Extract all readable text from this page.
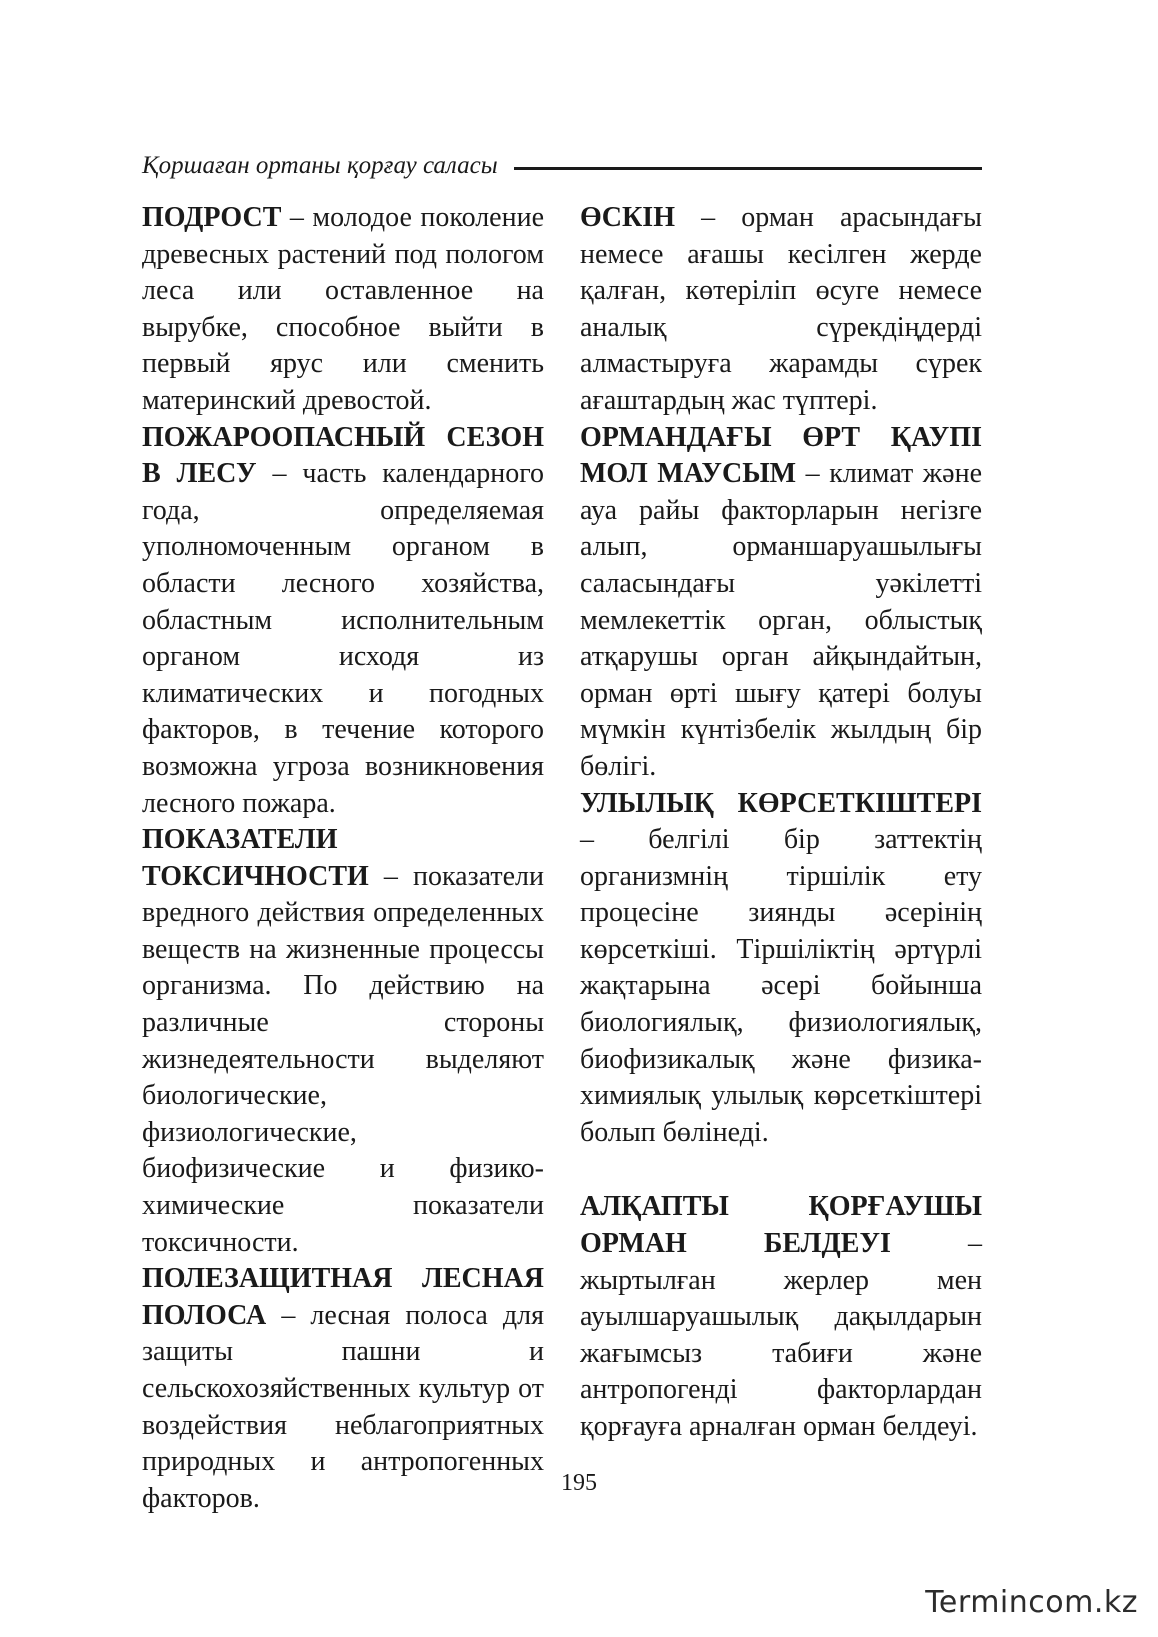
Қоршаған ортаны қорғау саласы

ПОДРОСТ – молодое поколение древесных растений под пологом леса или оставленное на вырубке, способное выйти в первый ярус или сменить материнский древостой.

ПОЖАРООПАСНЫЙ СЕЗОН В ЛЕСУ – часть календарного года, определяемая уполномоченным органом в области лесного хозяйства, областным исполнительным органом исходя из климатических и погодных факторов, в течение которого возможна угроза возникновения лесного пожара.

ПОКАЗАТЕЛИ ТОКСИЧНОСТИ – показатели вредного действия определенных веществ на жизненные процессы организма. По действию на различные стороны жизнедеятельности выделяют биологические, физиологические, биофизические и физико-химические показатели токсичности.

ПОЛЕЗАЩИТНАЯ ЛЕСНАЯ ПОЛОСА – лесная полоса для защиты пашни и сельскохозяйственных культур от воздействия неблагоприятных природных и антропогенных факторов.

ӨСКІН – орман арасындағы немесе ағашы кесілген жерде қалған, көтеріліп өсуге немесе аналық сүрекдіңдерді алмастыруға жарамды сүрек ағаштардың жас түптері.

ОРМАНДАҒЫ ӨРТ ҚАУПІ МОЛ МАУСЫМ – климат және ауа райы факторларын негізге алып, орманшаруашылығы саласындағы уәкілетті мемлекеттік орган, облыстық атқарушы орган айқындайтын, орман өрті шығу қатері болуы мүмкін күнтізбелік жылдың бір бөлігі.

УЛЫЛЫҚ КӨРСЕТКІШТЕРІ – белгілі бір заттектің организмнің тіршілік ету процесіне зиянды әсерінің көрсеткіші. Тіршіліктің әртүрлі жақтарына әсері бойынша биологиялық, физиологиялық, биофизикалық және физика-химиялық улылық көрсеткіштері болып бөлінеді.

АЛҚАПТЫ ҚОРҒАУШЫ ОРМАН БЕЛДЕУІ	– жыртылған жерлер мен ауылшаруашылық дақылдарын жағымсыз табиғи және антропогенді факторлардан қорғауға арналған орман белдеуі.

195
Termincom.kz
